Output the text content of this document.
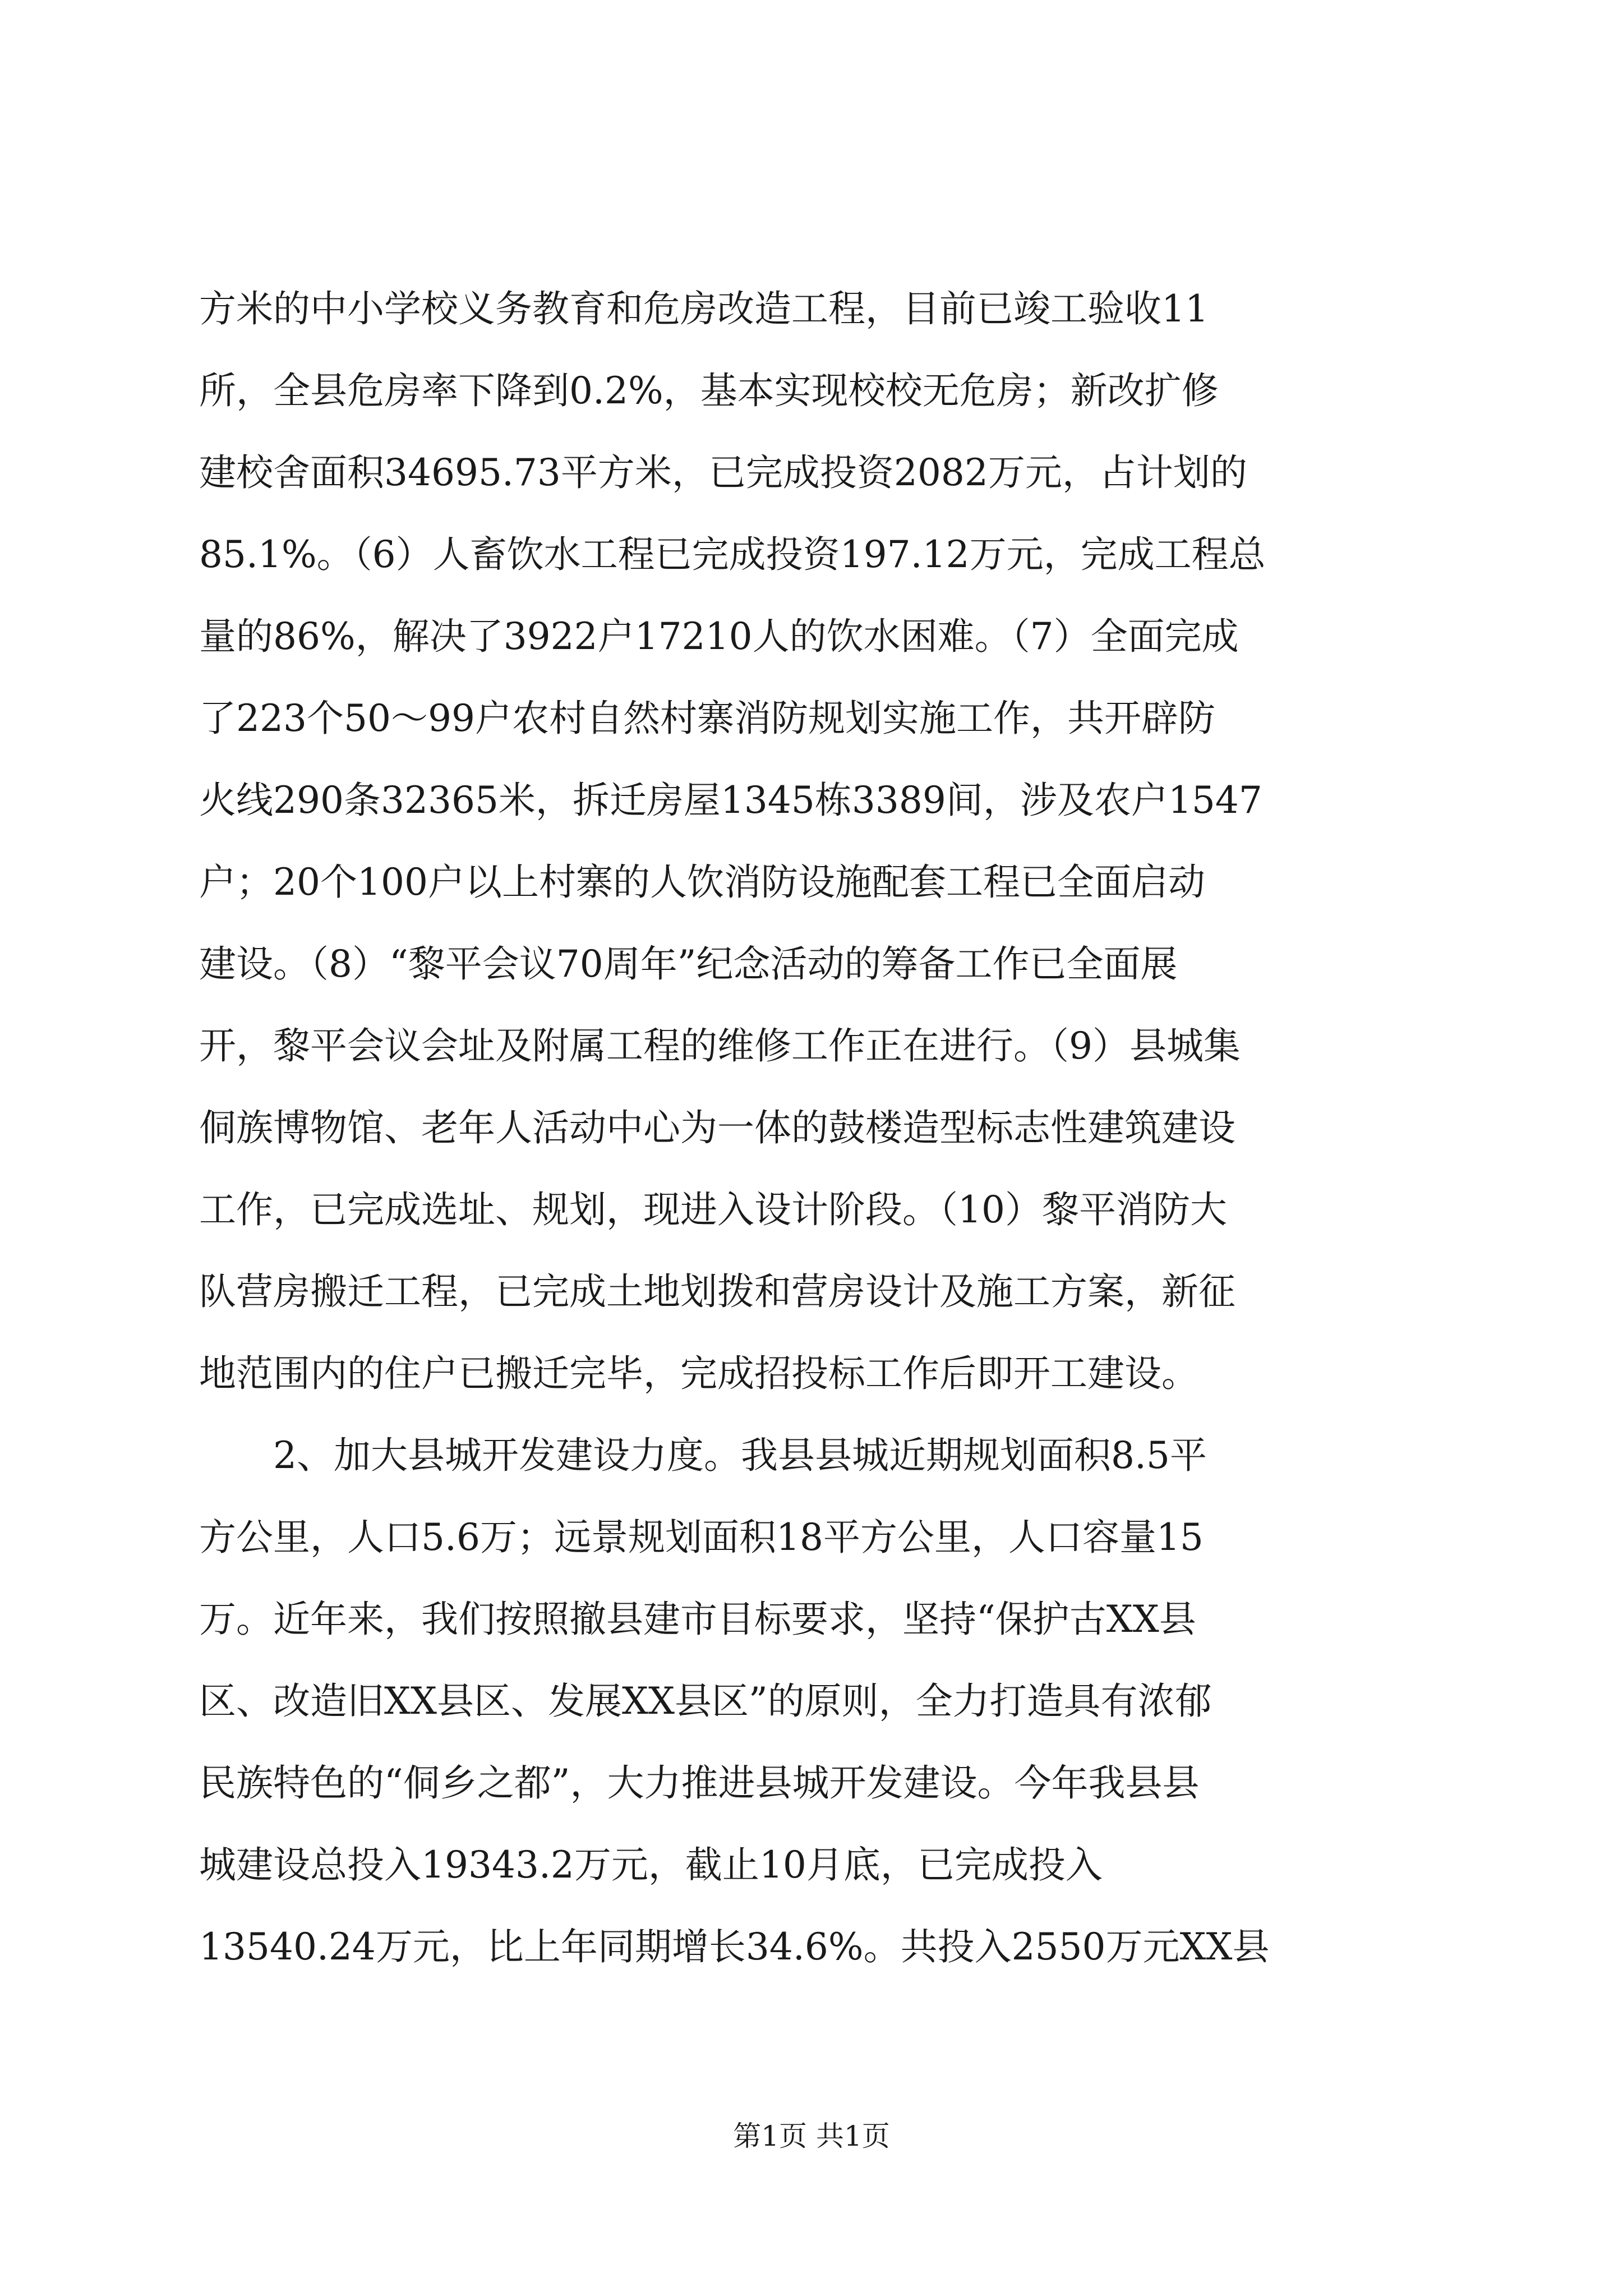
方米的中小学校义务教育和危房改造工程，目前已竣工验收11
所，全县危房率下降到0.2%，基本实现校校无危房；新改扩修
建校舍面积34695.73平方米，已完成投资2082万元，占计划的
85.1%。（6）人畜饮水工程已完成投资197.12万元，完成工程总
量的86%，解决了3922户17210人的饮水困难。（7）全面完成
了223个50～99户农村自然村寨消防规划实施工作，共开辟防
火线290条32365米，拆迁房屋1345栋3389间，涉及农户1547
户；20个100户以上村寨的人饮消防设施配套工程已全面启动
建设。（8）“黎平会议70周年”纪念活动的筹备工作已全面展
开，黎平会议会址及附属工程的维修工作正在进行。（9）县城集
侗族博物馆、老年人活动中心为一体的鼓楼造型标志性建筑建设
工作，已完成选址、规划，现进入设计阶段。（10）黎平消防大
队营房搬迁工程，已完成土地划拨和营房设计及施工方案，新征
地范围内的住户已搬迁完毕，完成招投标工作后即开工建设。
2、加大县城开发建设力度。我县县城近期规划面积8.5平
方公里，人口5.6万；远景规划面积18平方公里，人口容量15
万。近年来，我们按照撤县建市目标要求，坚持“保护古XX县
区、改造旧XX县区、发展XX县区”的原则，全力打造具有浓郁
民族特色的“侗乡之都”，大力推进县城开发建设。今年我县县
城建设总投入19343.2万元，截止10月底，已完成投入
13540.24万元，比上年同期增长34.6%。共投入2550万元XX县
第1页 共1页
